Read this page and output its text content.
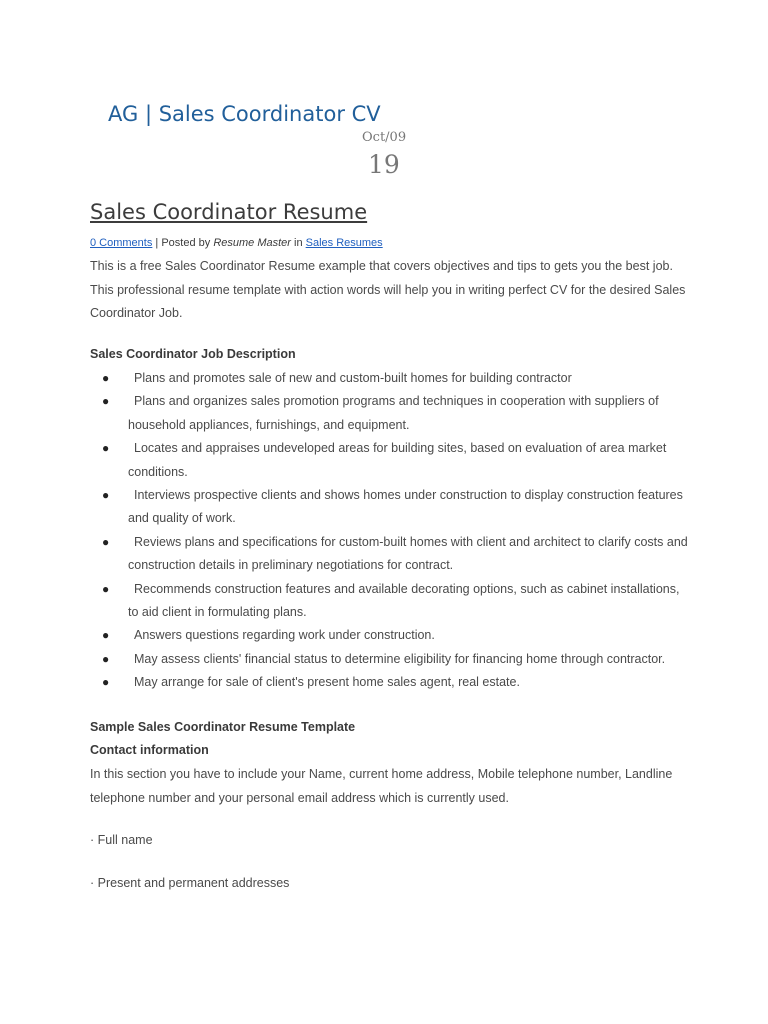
AG | Sales Coordinator CV
Oct/09
19
Sales Coordinator Resume
0 Comments | Posted by Resume Master in Sales Resumes
This is a free Sales Coordinator Resume example that covers objectives and tips to gets you the best job. This professional resume template with action words will help you in writing perfect CV for the desired Sales Coordinator Job.
Sales Coordinator Job Description
● Plans and promotes sale of new and custom-built homes for building contractor
● Plans and organizes sales promotion programs and techniques in cooperation with suppliers of household appliances, furnishings, and equipment.
● Locates and appraises undeveloped areas for building sites, based on evaluation of area market conditions.
● Interviews prospective clients and shows homes under construction to display construction features and quality of work.
● Reviews plans and specifications for custom-built homes with client and architect to clarify costs and construction details in preliminary negotiations for contract.
● Recommends construction features and available decorating options, such as cabinet installations, to aid client in formulating plans.
● Answers questions regarding work under construction.
● May assess clients' financial status to determine eligibility for financing home through contractor.
● May arrange for sale of client's present home sales agent, real estate.
Sample Sales Coordinator Resume Template
Contact information
In this section you have to include your Name, current home address, Mobile telephone number, Landline telephone number and your personal email address which is currently used.
· Full name
· Present and permanent addresses
